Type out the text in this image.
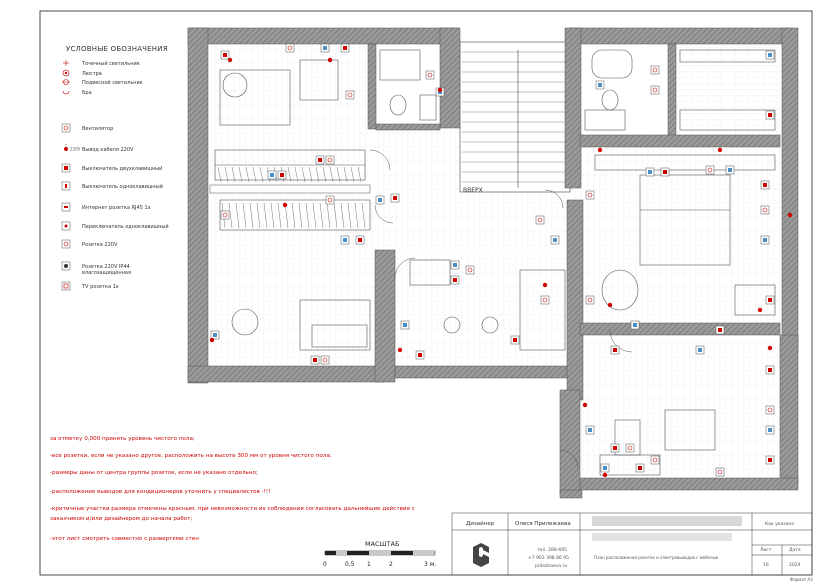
УСЛОВНЫЕ ОБОЗНАЧЕНИЯ
Точечный светильник
Люстра
Подвесной светильник
Бра
Вентилятор
220V Вывод кабеля 220V
Выключатель двухклавишный
Выключатель одноклавишный
Интернет розетка RJ45 1х
Переключатель одноклавишный
Розетка 220V
Розетка 220V IP44
влагозащищенная
TV розетка 1х
ВВЕРХ
за отметку 0,000 принять уровень чистого пола;
-все розетки, если не указано другое, расположить на высоте 300 мм от уровня чистого пола;
-размеры даны от центра группы розеток, если не указано отдельно;
-расположение выводов для кондиционеров уточнить у специалистов -!!!
-критичные участки размера отмечены красным, при невозможности их соблюдения согласовать дальнейшие действия с
заказчиком и/или дизайнером до начала работ;
-этот лист смотреть совместно с разверткми стен
МАСШТАБ
0	0,5 1	2	3 м.
Дизайнер	Олеся Прилежаева	Как указано
Лист	Дата
16	2024
тел. 288-695
+7 903 398 86 95
prilezhaeva.ru
План расположения розеток и электровыводов с мебелью
Формат А3
